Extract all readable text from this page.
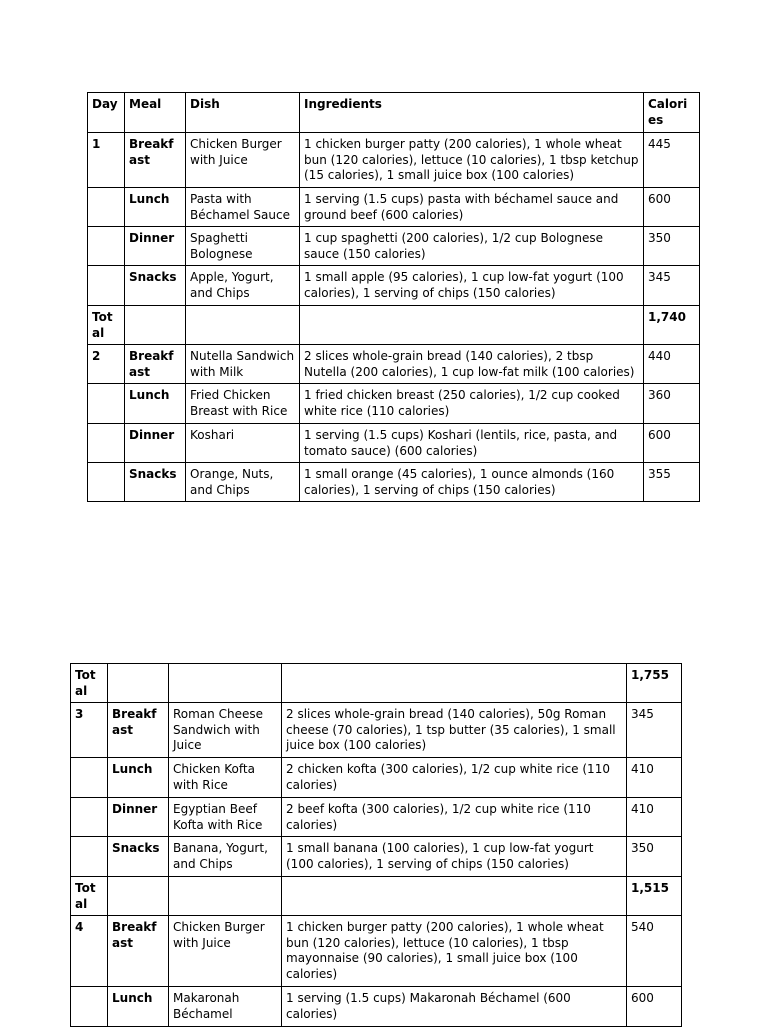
Day	Meal	Dish	Ingredients	Calori es
1	Breakf ast	Chicken Burger with Juice	1 chicken burger patty (200 calories), 1 whole wheat bun (120 calories), lettuce (10 calories), 1 tbsp ketchup (15 calories), 1 small juice box (100 calories)	445
	Lunch	Pasta with Béchamel Sauce	1 serving (1.5 cups) pasta with béchamel sauce and ground beef (600 calories)	600
	Dinner	Spaghetti Bolognese	1 cup spaghetti (200 calories), 1/2 cup Bolognese sauce (150 calories)	350
	Snacks	Apple, Yogurt, and Chips	1 small apple (95 calories), 1 cup low-fat yogurt (100 calories), 1 serving of chips (150 calories)	345
Tot al				1,740
2	Breakf ast	Nutella Sandwich with Milk	2 slices whole-grain bread (140 calories), 2 tbsp Nutella (200 calories), 1 cup low-fat milk (100 calories)	440
	Lunch	Fried Chicken Breast with Rice	1 fried chicken breast (250 calories), 1/2 cup cooked white rice (110 calories)	360
	Dinner	Koshari	1 serving (1.5 cups) Koshari (lentils, rice, pasta, and tomato sauce) (600 calories)	600
	Snacks	Orange, Nuts, and Chips	1 small orange (45 calories), 1 ounce almonds (160 calories), 1 serving of chips (150 calories)	355
Tot al				1,755
3	Breakf ast	Roman Cheese Sandwich with Juice	2 slices whole-grain bread (140 calories), 50g Roman cheese (70 calories), 1 tsp butter (35 calories), 1 small juice box (100 calories)	345
	Lunch	Chicken Kofta with Rice	2 chicken kofta (300 calories), 1/2 cup white rice (110 calories)	410
	Dinner	Egyptian Beef Kofta with Rice	2 beef kofta (300 calories), 1/2 cup white rice (110 calories)	410
	Snacks	Banana, Yogurt, and Chips	1 small banana (100 calories), 1 cup low-fat yogurt (100 calories), 1 serving of chips (150 calories)	350
Tot al				1,515
4	Breakf ast	Chicken Burger with Juice	1 chicken burger patty (200 calories), 1 whole wheat bun (120 calories), lettuce (10 calories), 1 tbsp mayonnaise (90 calories), 1 small juice box (100 calories)	540
	Lunch	Makaronah Béchamel	1 serving (1.5 cups) Makaronah Béchamel (600 calories)	600
